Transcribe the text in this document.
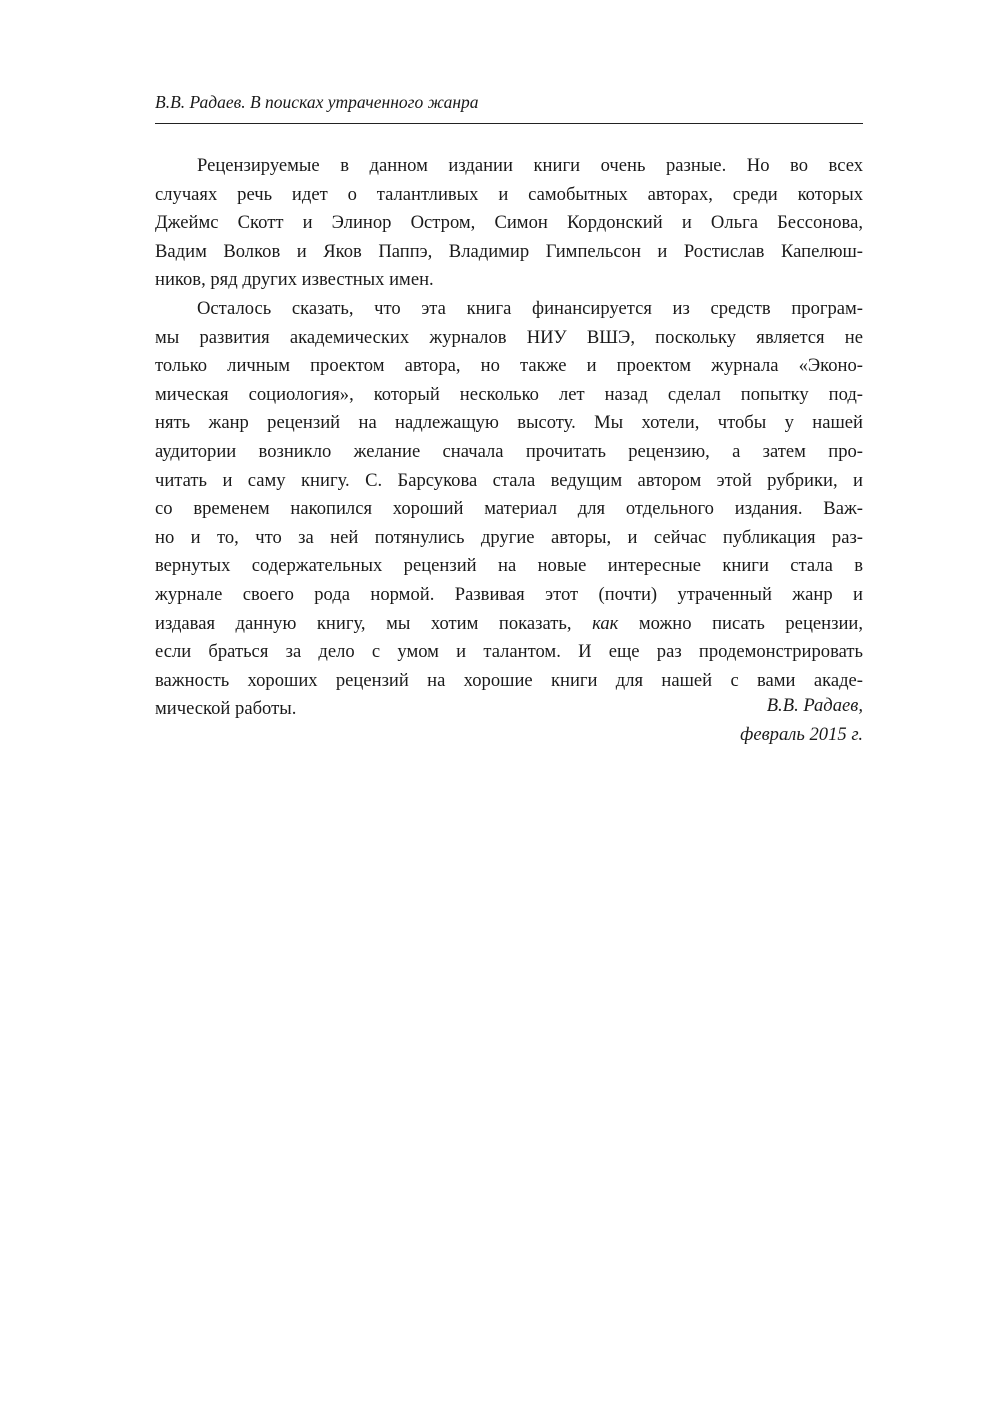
В.В. Радаев. В поисках утраченного жанра
Рецензируемые в данном издании книги очень разные. Но во всех
случаях речь идет о талантливых и самобытных авторах, среди которых
Джеймс Скотт и Элинор Остром, Симон Кордонский и Ольга Бессонова,
Вадим Волков и Яков Паппэ, Владимир Гимпельсон и Ростислав Капелюш-
ников, ряд других известных имен.
Осталось сказать, что эта книга финансируется из средств програм-
мы развития академических журналов НИУ ВШЭ, поскольку является не
только личным проектом автора, но также и проектом журнала «Эконо-
мическая социология», который несколько лет назад сделал попытку под-
нять жанр рецензий на надлежащую высоту. Мы хотели, чтобы у нашей
аудитории возникло желание сначала прочитать рецензию, а затем про-
читать и саму книгу. С. Барсукова стала ведущим автором этой рубрики, и
со временем накопился хороший материал для отдельного издания. Важ-
но и то, что за ней потянулись другие авторы, и сейчас публикация раз-
вернутых содержательных рецензий на новые интересные книги стала в
журнале своего рода нормой. Развивая этот (почти) утраченный жанр и
издавая данную книгу, мы хотим показать, как можно писать рецензии,
если браться за дело с умом и талантом. И еще раз продемонстрировать
важность хороших рецензий на хорошие книги для нашей с вами акаде-
мической работы.	В.В. Радаев,
февраль 2015 г.
